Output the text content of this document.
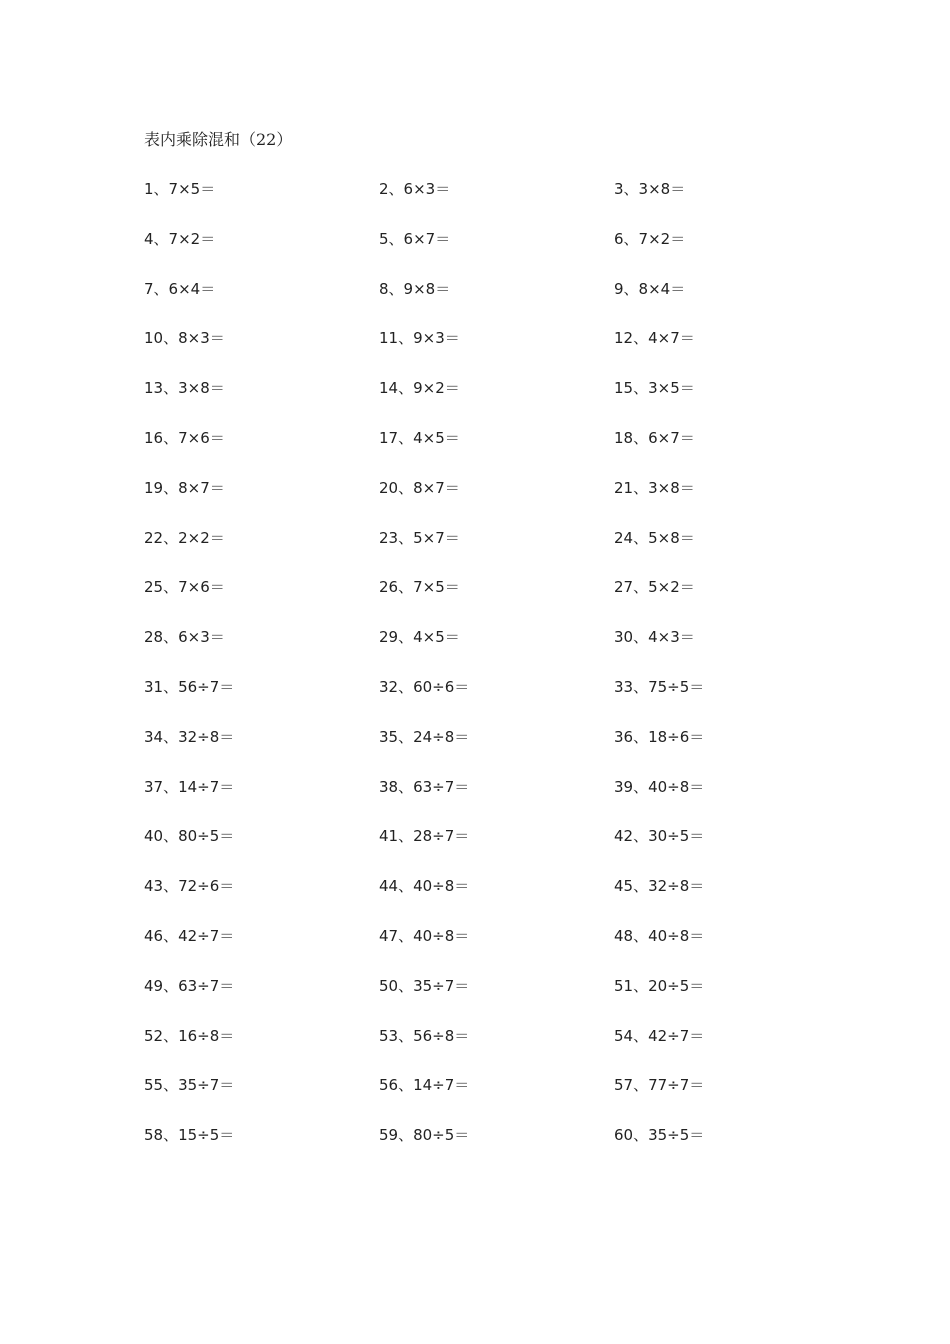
表内乘除混和（22）
1、7×5＝	2、6×3＝	3、3×8＝
4、7×2＝	5、6×7＝	6、7×2＝
7、6×4＝	8、9×8＝	9、8×4＝
10、8×3＝	11、9×3＝	12、4×7＝
13、3×8＝	14、9×2＝	15、3×5＝
16、7×6＝	17、4×5＝	18、6×7＝
19、8×7＝	20、8×7＝	21、3×8＝
22、2×2＝	23、5×7＝	24、5×8＝
25、7×6＝	26、7×5＝	27、5×2＝
28、6×3＝	29、4×5＝	30、4×3＝
31、56÷7＝	32、60÷6＝	33、75÷5＝
34、32÷8＝	35、24÷8＝	36、18÷6＝
37、14÷7＝	38、63÷7＝	39、40÷8＝
40、80÷5＝	41、28÷7＝	42、30÷5＝
43、72÷6＝	44、40÷8＝	45、32÷8＝
46、42÷7＝	47、40÷8＝	48、40÷8＝
49、63÷7＝	50、35÷7＝	51、20÷5＝
52、16÷8＝	53、56÷8＝	54、42÷7＝
55、35÷7＝	56、14÷7＝	57、77÷7＝
58、15÷5＝	59、80÷5＝	60、35÷5＝
